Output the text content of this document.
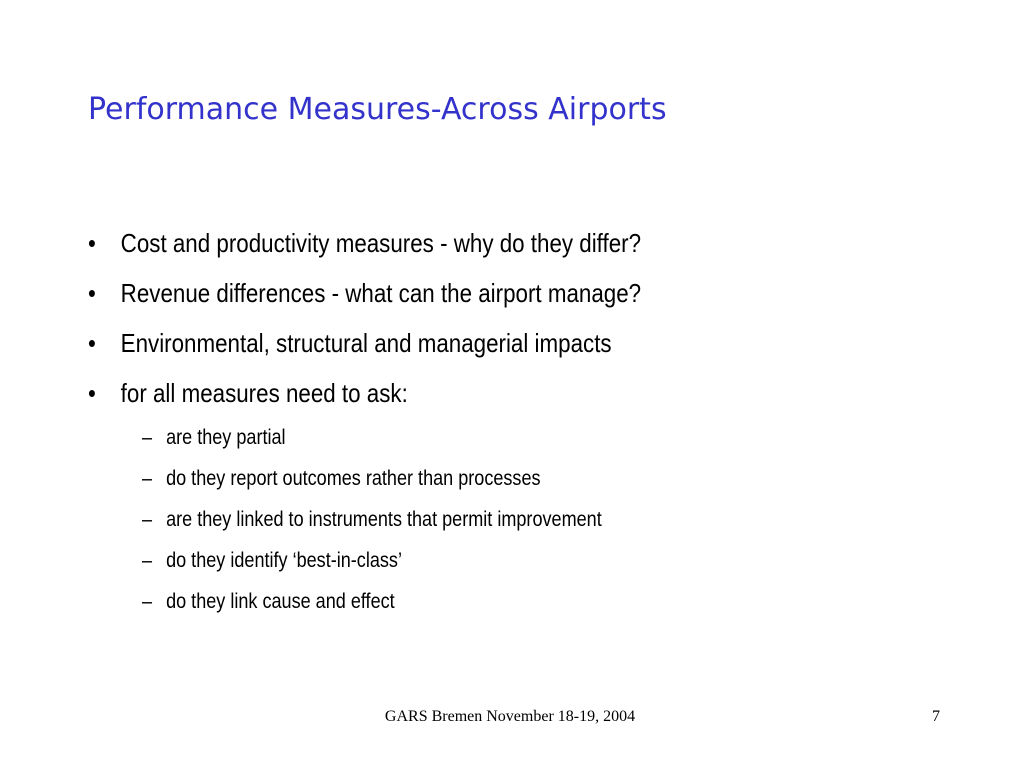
Performance Measures-Across Airports
• Cost and productivity measures - why do they differ?
• Revenue differences - what can the airport manage?
• Environmental, structural and managerial impacts
• for all measures need to ask:
– are they partial
– do they report outcomes rather than processes
– are they linked to instruments that permit improvement
– do they identify ‘best-in-class’
– do they link cause and effect
GARS Bremen November 18-19, 2004	7
